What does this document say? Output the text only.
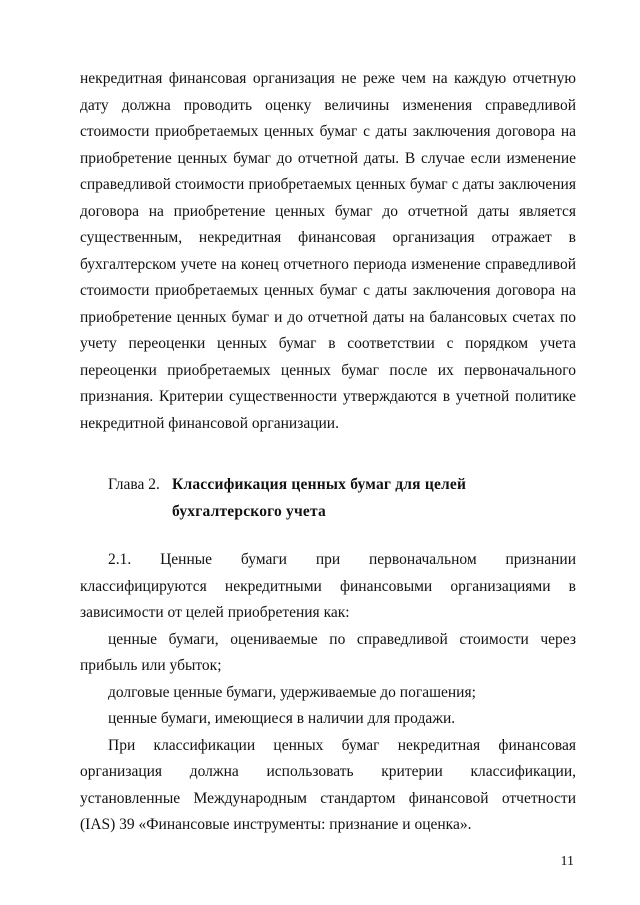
некредитная финансовая организация не реже чем на каждую отчетную дату должна проводить оценку величины изменения справедливой стоимости приобретаемых ценных бумаг с даты заключения договора на приобретение ценных бумаг до отчетной даты. В случае если изменение справедливой стоимости приобретаемых ценных бумаг с даты заключения договора на приобретение ценных бумаг до отчетной даты является существенным, некредитная финансовая организация отражает в бухгалтерском учете на конец отчетного периода изменение справедливой стоимости приобретаемых ценных бумаг с даты заключения договора на приобретение ценных бумаг и до отчетной даты на балансовых счетах по учету переоценки ценных бумаг в соответствии с порядком учета переоценки приобретаемых ценных бумаг после их первоначального признания. Критерии существенности утверждаются в учетной политике некредитной финансовой организации.

Глава 2. Классификация ценных бумаг для целей бухгалтерского учета

2.1. Ценные бумаги при первоначальном признании классифицируются некредитными финансовыми организациями в зависимости от целей приобретения как:

ценные бумаги, оцениваемые по справедливой стоимости через прибыль или убыток;

долговые ценные бумаги, удерживаемые до погашения;

ценные бумаги, имеющиеся в наличии для продажи.

При классификации ценных бумаг некредитная финансовая организация должна использовать критерии классификации, установленные Международным стандартом финансовой отчетности (IAS) 39 «Финансовые инструменты: признание и оценка».

11
